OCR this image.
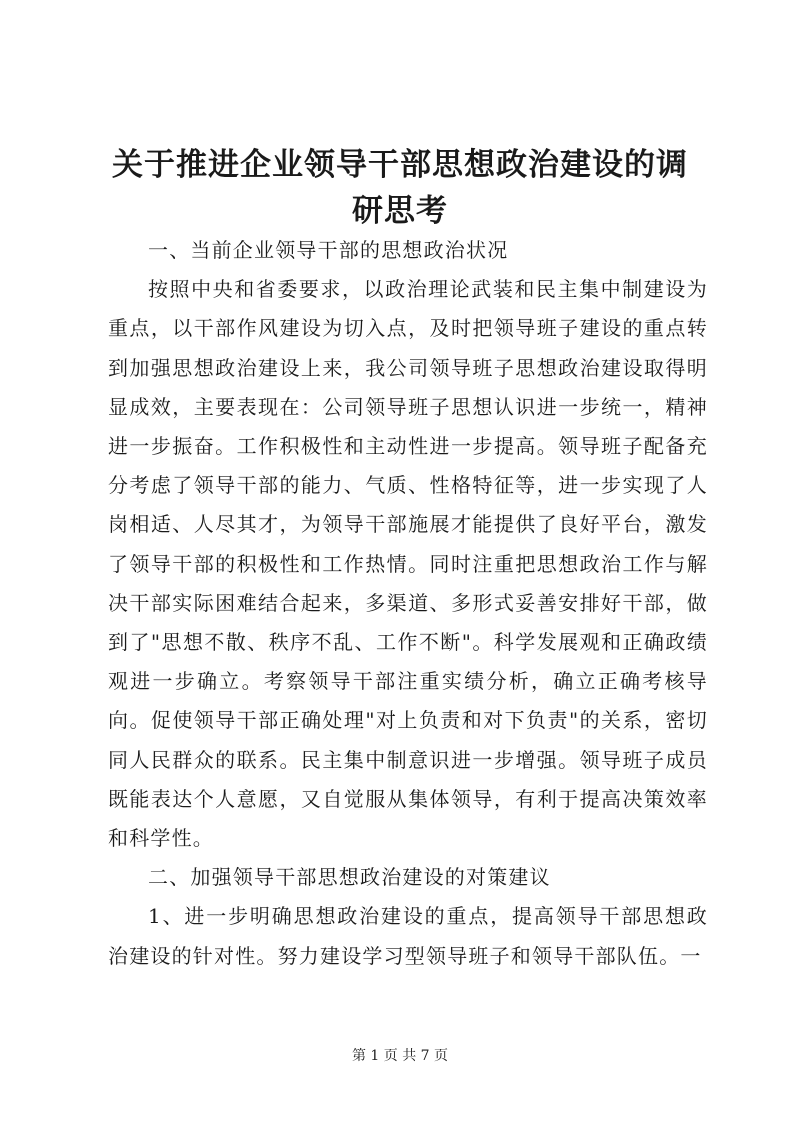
关于推进企业领导干部思想政治建设的调研思考

一、当前企业领导干部的思想政治状况

按照中央和省委要求，以政治理论武装和民主集中制建设为重点，以干部作风建设为切入点，及时把领导班子建设的重点转到加强思想政治建设上来，我公司领导班子思想政治建设取得明显成效，主要表现在：公司领导班子思想认识进一步统一，精神进一步振奋。工作积极性和主动性进一步提高。领导班子配备充分考虑了领导干部的能力、气质、性格特征等，进一步实现了人岗相适、人尽其才，为领导干部施展才能提供了良好平台，激发了领导干部的积极性和工作热情。同时注重把思想政治工作与解决干部实际困难结合起来，多渠道、多形式妥善安排好干部，做到了"思想不散、秩序不乱、工作不断"。科学发展观和正确政绩观进一步确立。考察领导干部注重实绩分析，确立正确考核导向。促使领导干部正确处理"对上负责和对下负责"的关系，密切同人民群众的联系。民主集中制意识进一步增强。领导班子成员既能表达个人意愿，又自觉服从集体领导，有利于提高决策效率和科学性。

二、加强领导干部思想政治建设的对策建议

1、进一步明确思想政治建设的重点，提高领导干部思想政治建设的针对性。努力建设学习型领导班子和领导干部队伍。一

第 1 页 共 7 页
